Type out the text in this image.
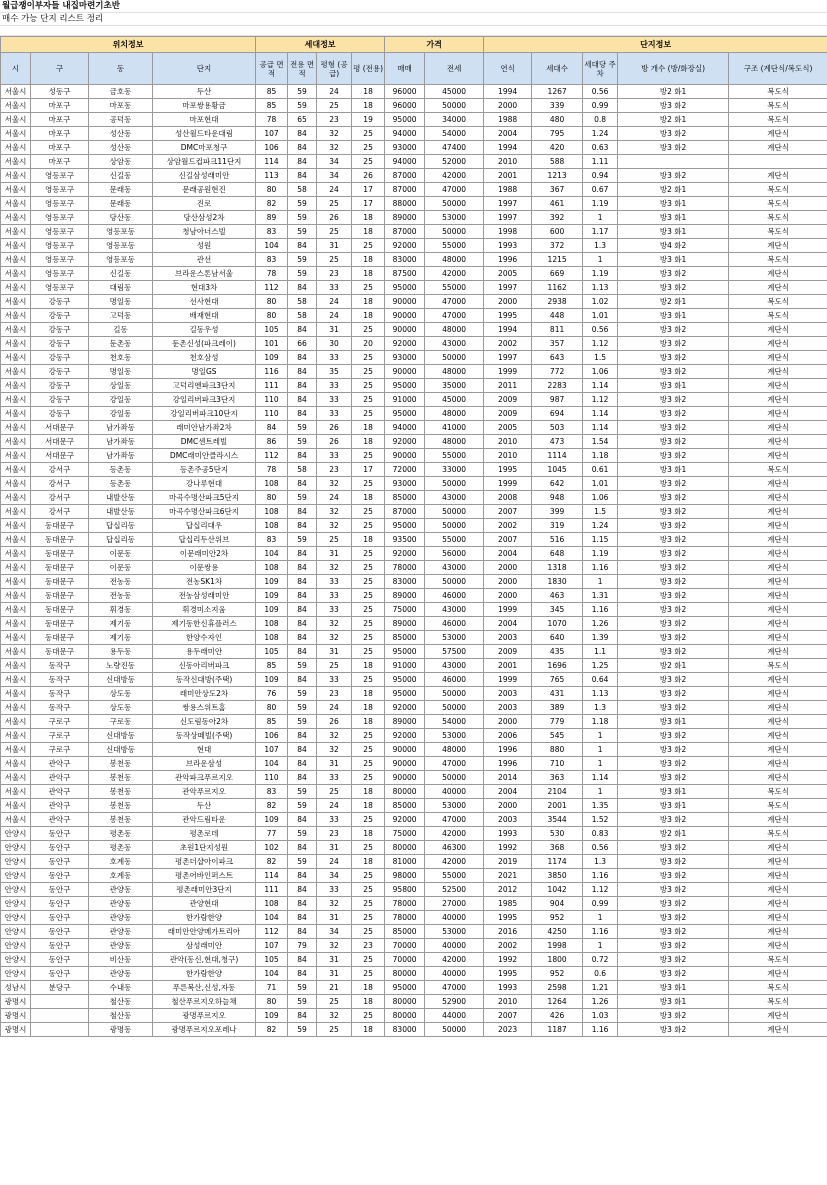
월급쟁이부자들 내집마련기초반
매수 가능 단지 리스트 정리
위치정보				세대정보				가격		단지정보				
시	구	동	단지	공급 면적	전용 면적	평형 (공급)	평 (전용)	매매	전세	연식	세대수	세대당 주차	방 개수 (방/화장실)	구조 (계단식/복도식)
서울시	성동구	금호동	두산	85	59	24	18	96000	45000	1994	1267	0.56	방2 화1	복도식
서울시	마포구	마포동	마포쌍용황금	85	59	25	18	96000	50000	2000	339	0.99	방3 화2	복도식
서울시	마포구	공덕동	마포현대	78	65	23	19	95000	34000	1988	480	0.8	방2 화1	복도식
서울시	마포구	성산동	성산월드타운대림	107	84	32	25	94000	54000	2004	795	1.24	방3 화2	계단식
서울시	마포구	성산동	DMC마포청구	106	84	32	25	93000	47400	1994	420	0.63	방3 화2	계단식
서울시	마포구	상암동	상암월드컵파크11단지	114	84	34	25	94000	52000	2010	588	1.11		
서울시	영등포구	신길동	신길삼성래미안	113	84	34	26	87000	42000	2001	1213	0.94	방3 화2	계단식
서울시	영등포구	문래동	문래공원현진	80	58	24	17	87000	47000	1988	367	0.67	방2 화1	복도식
서울시	영등포구	문래동	진로	82	59	25	17	88000	50000	1997	461	1.19	방3 화1	복도식
서울시	영등포구	당산동	당산삼성2차	89	59	26	18	89000	53000	1997	392	1	방3 화1	복도식
서울시	영등포구	영등포동	청남아너스빌	83	59	25	18	87000	50000	1998	600	1.17	방3 화1	복도식
서울시	영등포구	영등포동	성원	104	84	31	25	92000	55000	1993	372	1.3	방4 화2	계단식
서울시	영등포구	영등포동	관선	83	59	25	18	83000	48000	1996	1215	1	방3 화1	복도식
서울시	영등포구	신길동	브라운스톤남서울	78	59	23	18	87500	42000	2005	669	1.19	방3 화2	계단식
서울시	영등포구	대림동	현대3차	112	84	33	25	95000	55000	1997	1162	1.13	방3 화2	계단식
서울시	강동구	명일동	선사현대	80	58	24	18	90000	47000	2000	2938	1.02	방2 화1	복도식
서울시	강동구	고덕동	배재현대	80	58	24	18	90000	47000	1995	448	1.01	방3 화1	복도식
서울시	강동구	길동	길동우성	105	84	31	25	90000	48000	1994	811	0.56	방3 화2	계단식
서울시	강동구	둔촌동	둔촌신성(파크레이)	101	66	30	20	92000	43000	2002	357	1.12	방3 화2	계단식
서울시	강동구	천호동	천호삼성	109	84	33	25	93000	50000	1997	643	1.5	방3 화2	계단식
서울시	강동구	명일동	명일GS	116	84	35	25	90000	48000	1999	772	1.06	방3 화2	계단식
서울시	강동구	상일동	고덕리엔파크3단지	111	84	33	25	95000	35000	2011	2283	1.14	방3 화1	계단식
서울시	강동구	강일동	강일리버파크3단지	110	84	33	25	91000	45000	2009	987	1.12	방3 화2	계단식
서울시	강동구	강일동	강일리버파크10단지	110	84	33	25	95000	48000	2009	694	1.14	방3 화2	계단식
서울시	서대문구	남가좌동	래미안남가좌2차	84	59	26	18	94000	41000	2005	503	1.14	방3 화2	계단식
서울시	서대문구	남가좌동	DMC센트레빌	86	59	26	18	92000	48000	2010	473	1.54	방3 화2	계단식
서울시	서대문구	남가좌동	DMC래미안클라시스	112	84	33	25	90000	55000	2010	1114	1.18	방3 화2	계단식
서울시	강서구	등촌동	등촌주공5단지	78	58	23	17	72000	33000	1995	1045	0.61	방3 화1	복도식
서울시	강서구	등촌동	강나루현대	108	84	32	25	93000	50000	1999	642	1.01	방3 화2	계단식
서울시	강서구	내발산동	마곡수명산파크5단지	80	59	24	18	85000	43000	2008	948	1.06	방3 화2	계단식
서울시	강서구	내발산동	마곡수명산파크6단지	108	84	32	25	87000	50000	2007	399	1.5	방3 화2	계단식
서울시	동대문구	답십리동	답십리대우	108	84	32	25	95000	50000	2002	319	1.24	방3 화2	계단식
서울시	동대문구	답십리동	답십리두산위브	83	59	25	18	93500	55000	2007	516	1.15	방3 화2	계단식
서울시	동대문구	이문동	이문래미안2차	104	84	31	25	92000	56000	2004	648	1.19	방3 화2	계단식
서울시	동대문구	이문동	이문쌍용	108	84	32	25	78000	43000	2000	1318	1.16	방3 화2	계단식
서울시	동대문구	전농동	전농SK1차	109	84	33	25	83000	50000	2000	1830	1	방3 화2	계단식
서울시	동대문구	전농동	전농삼성래미안	109	84	33	25	89000	46000	2000	463	1.31	방3 화2	계단식
서울시	동대문구	휘경동	휘경미소지움	109	84	33	25	75000	43000	1999	345	1.16	방3 화2	계단식
서울시	동대문구	제기동	제기동한신휴플러스	108	84	32	25	89000	46000	2004	1070	1.26	방3 화2	계단식
서울시	동대문구	제기동	한양수자인	108	84	32	25	85000	53000	2003	640	1.39	방3 화2	계단식
서울시	동대문구	용두동	용두래미안	105	84	31	25	95000	57500	2009	435	1.1	방3 화2	계단식
서울시	동작구	노량진동	신동아리버파크	85	59	25	18	91000	43000	2001	1696	1.25	방2 화1	복도식
서울시	동작구	신대방동	동작신대방(주택)	109	84	33	25	95000	46000	1999	765	0.64	방3 화2	계단식
서울시	동작구	상도동	래미안상도2차	76	59	23	18	95000	50000	2003	431	1.13	방3 화2	계단식
서울시	동작구	상도동	쌍용스위트홈	80	59	24	18	92000	50000	2003	389	1.3	방3 화2	계단식
서울시	구로구	구로동	신도림동아2차	85	59	26	18	89000	54000	2000	779	1.18	방3 화1	계단식
서울시	구로구	신대방동	동작상떼빌(주택)	106	84	32	25	92000	53000	2006	545	1	방3 화2	계단식
서울시	구로구	신대방동	현대	107	84	32	25	90000	48000	1996	880	1	방3 화2	계단식
서울시	관악구	봉천동	브라운삼성	104	84	31	25	90000	47000	1996	710	1	방3 화2	계단식
서울시	관악구	봉천동	관악파크푸르지오	110	84	33	25	90000	50000	2014	363	1.14	방3 화2	계단식
서울시	관악구	봉천동	관악푸르지오	83	59	25	18	80000	40000	2004	2104	1	방3 화1	복도식
서울시	관악구	봉천동	두산	82	59	24	18	85000	53000	2000	2001	1.35	방3 화1	복도식
서울시	관악구	봉천동	관악드림타운	109	84	33	25	92000	47000	2003	3544	1.52	방3 화2	계단식
안양시	동안구	평촌동	평촌로데	77	59	23	18	75000	42000	1993	530	0.83	방2 화1	복도식
안양시	동안구	평촌동	초원1단지성원	102	84	31	25	80000	46300	1992	368	0.56	방3 화2	계단식
안양시	동안구	호계동	평촌더샵아이파크	82	59	24	18	81000	42000	2019	1174	1.3	방3 화2	계단식
안양시	동안구	호계동	평촌어바인퍼스트	114	84	34	25	98000	55000	2021	3850	1.16	방3 화2	계단식
안양시	동안구	관양동	평촌래미안3단지	111	84	33	25	95800	52500	2012	1042	1.12	방3 화2	계단식
안양시	동안구	관양동	관양현대	108	84	32	25	78000	27000	1985	904	0.99	방3 화2	계단식
안양시	동안구	관양동	한가람한양	104	84	31	25	78000	40000	1995	952	1	방3 화2	계단식
안양시	동안구	관양동	래미안안양메가트리아	112	84	34	25	85000	53000	2016	4250	1.16	방3 화2	계단식
안양시	동안구	관양동	삼성래미안	107	79	32	23	70000	40000	2002	1998	1	방3 화2	계단식
안양시	동안구	비산동	관악(동신,현대,청구)	105	84	31	25	70000	42000	1992	1800	0.72	방3 화2	복도식
안양시	동안구	관양동	한가람한양	104	84	31	25	80000	40000	1995	952	0.6	방3 화2	계단식
성남시	분당구	수내동	푸른복산,신성,자동	71	59	21	18	95000	47000	1993	2598	1.21	방3 화1	복도식
광명시		철산동	철산푸르지오하늘채	80	59	25	18	80000	52900	2010	1264	1.26	방3 화1	복도식
광명시		철산동	광명푸르지오	109	84	32	25	80000	44000	2007	426	1.03	방3 화2	계단식
광명시		광명동	광명푸르지오포레나	82	59	25	18	83000	50000	2023	1187	1.16	방3 화2	계단식
